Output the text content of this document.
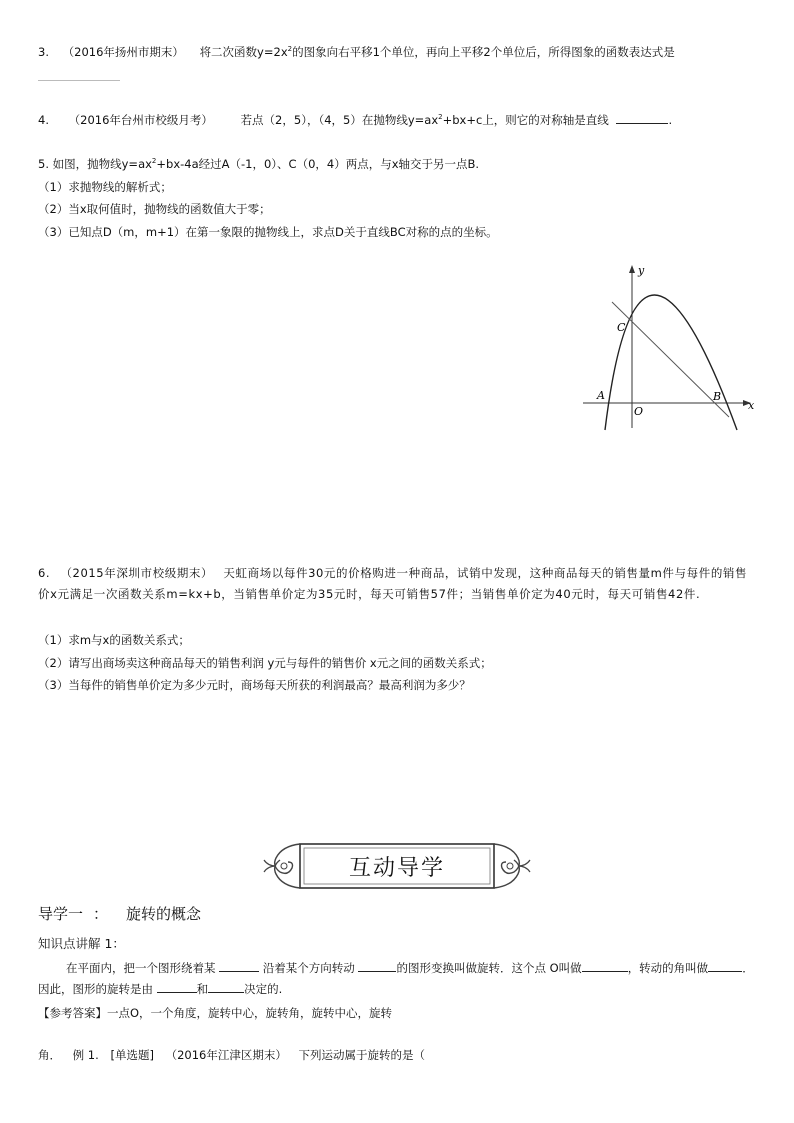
3. （2016年扬州市期末） 将二次函数$y=2x^2$的图象向右平移1个单位，再向上平移2个单位后，所得图象的函数表达式是
4. （2016年台州市校级月考） 若点（2，5），（4，5）在抛物线$y=ax^2+bx+c$上，则它的对称轴是直线	.
5. 如图，抛物线$y=ax^2+bx-4a$经过A（-1，0）、C（0，4）两点，与x轴交于另一点B.
（1）求抛物线的解析式；
（2）当x取何值时，抛物线的函数值大于零；
（3）已知点D（m，m+1）在第一象限的抛物线上，求点D关于直线BC对称的点的坐标。
y
x
C
A
O
B
6. （2015年深圳市校级期末） 天虹商场以每件30元的价格购进一种商品，试销中发现，这种商品每天的销售量m件与每件的销售价x元满足一次函数关系m=kx+b，当销售单价定为35元时，每天可销售57件；当销售单价定为40元时，每天可销售42件.
（1）求m与x的函数关系式；
（2）请写出商场卖这种商品每天的销售利润 y元与每件的销售价 x元之间的函数关系式；
（3）当每件的销售单价定为多少元时，商场每天所获的利润最高？最高利润为多少？
互动导学
导学一 ： 旋转的概念
知识点讲解 1：
在平面内，把一个图形绕着某	沿着某个方向转动	的图形变换叫做旋转．这个点 O叫做	，转动的角叫做	．因此，图形的旋转是由	和	决定的.
【参考答案】一点O，一个角度，旋转中心，旋转角，旋转中心，旋转
角． 例 1. [单选题] （2016年江津区期末） 下列运动属于旋转的是（
